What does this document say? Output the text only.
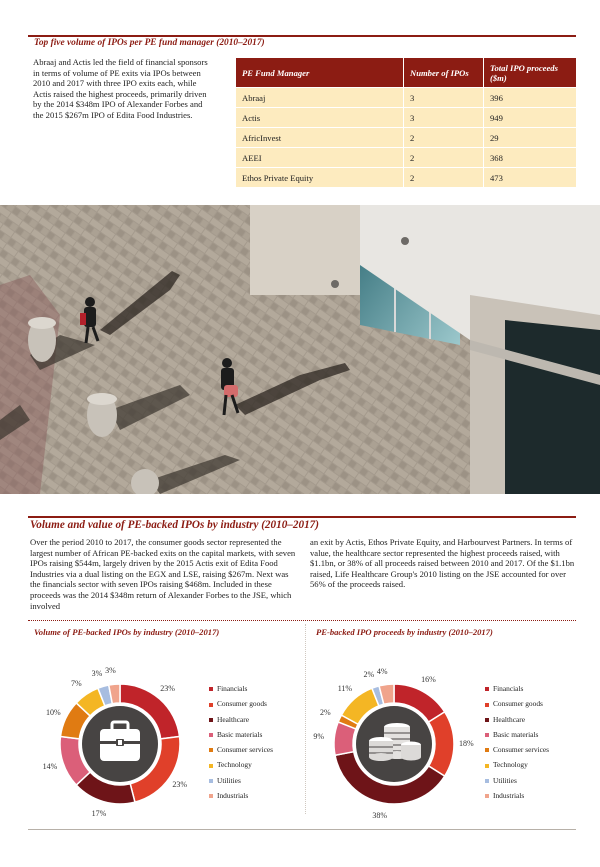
Top five volume of IPOs per PE fund manager (2010–2017)
Abraaj and Actis led the field of financial sponsors in terms of volume of PE exits via IPOs between 2010 and 2017 with three IPO exits each, while Actis raised the highest proceeds, primarily driven by the 2014 $348m IPO of Alexander Forbes and the 2015 $267m IPO of Edita Food Industries.
PE Fund Manager	Number of IPOs	Total IPO proceeds ($m)
Abraaj	3	396
Actis	3	949
AfricInvest	2	29
AEEI	2	368
Ethos Private Equity	2	473
Volume and value of PE-backed IPOs by industry (2010–2017)
Over the period 2010 to 2017, the consumer goods sector represented the largest number of African PE-backed exits on the capital markets, with seven IPOs raising $544m, largely driven by the 2015 Actis exit of Edita Food Industries via a dual listing on the EGX and LSE, raising $267m. Next was the financials sector with seven IPOs raising $468m. Included in these proceeds was the 2014 $348m return of Alexander Forbes to the JSE, which involved
an exit by Actis, Ethos Private Equity, and Harbourvest Partners. In terms of value, the healthcare sector represented the highest proceeds raised, with $1.1bn, or 38% of all proceeds raised between 2010 and 2017. Of the $1.1bn raised, Life Healthcare Group's 2010 listing on the JSE accounted for over 56% of the proceeds raised.
Volume of PE-backed IPOs by industry (2010–2017)	PE-backed IPO proceeds by industry (2010–2017)
23%
23%
17%
14%
10%
7%
3% 3%
Financials
Consumer goods
Healthcare
Basic materials
Consumer services
Technology
Utilities
Industrials
16%
18%
38%
9%
2%
11%
2% 4%
Financials
Consumer goods
Healthcare
Basic materials
Consumer services
Technology
Utilities
Industrials
